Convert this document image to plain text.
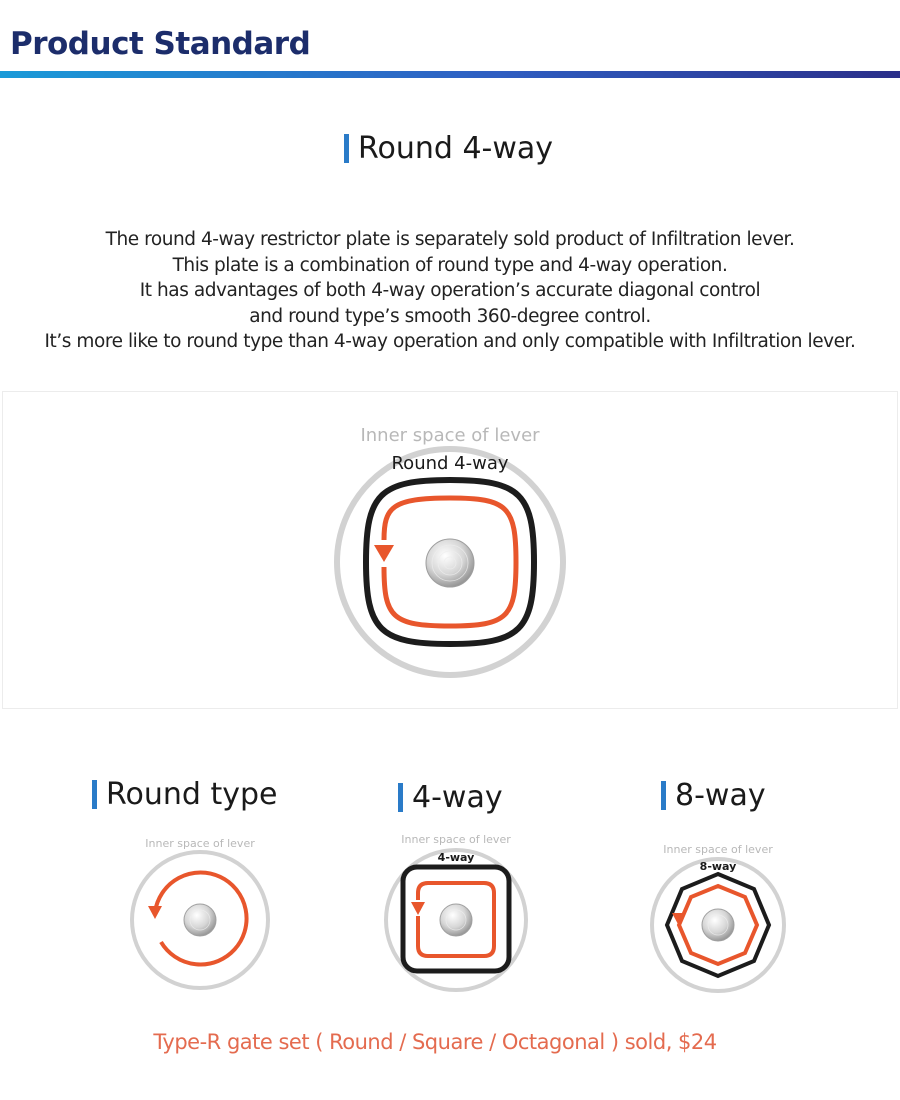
Product Standard
Round 4-way
The round 4-way restrictor plate is separately sold product of Infiltration lever.
This plate is a combination of round type and 4-way operation.
It has advantages of both 4-way operation’s accurate diagonal control
and round type’s smooth 360-degree control.
It’s more like to round type than 4-way operation and only compatible with Infiltration lever.
Inner space of lever
Round 4-way
Round type	4-way	8-way
Inner space of lever	Inner space of lever
4-way
Inner space of lever
8-way
Type-R gate set ( Round / Square / Octagonal ) sold, $24
